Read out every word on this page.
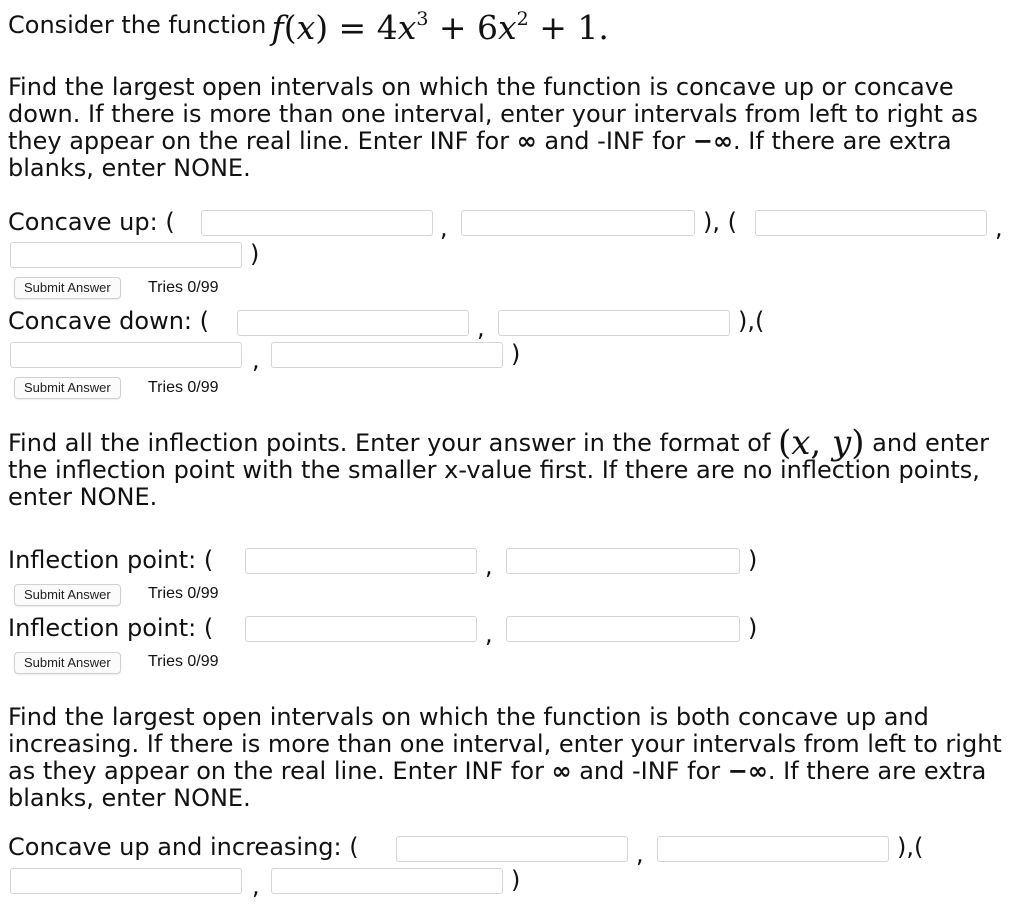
Consider the function $f(x) = 4x^3 + 6x^2 + 1$.
Find the largest open intervals on which the function is concave up or concave down. If there is more than one interval, enter your intervals from left to right as they appear on the real line. Enter INF for ∞ and -INF for −∞. If there are extra blanks, enter NONE.
Concave up: (	,	), (	,
)
Submit Answer	Tries 0/99
Concave down: (	,	),(
,	)
Submit Answer	Tries 0/99
Find all the inflection points. Enter your answer in the format of (x, y) and enter the inflection point with the smaller x-value first. If there are no inflection points, enter NONE.
Inflection point: (	,	)
Submit Answer	Tries 0/99
Inflection point: (	,	)
Submit Answer	Tries 0/99
Find the largest open intervals on which the function is both concave up and increasing. If there is more than one interval, enter your intervals from left to right as they appear on the real line. Enter INF for ∞ and -INF for −∞. If there are extra blanks, enter NONE.
Concave up and increasing: (	,	),(
,	)
